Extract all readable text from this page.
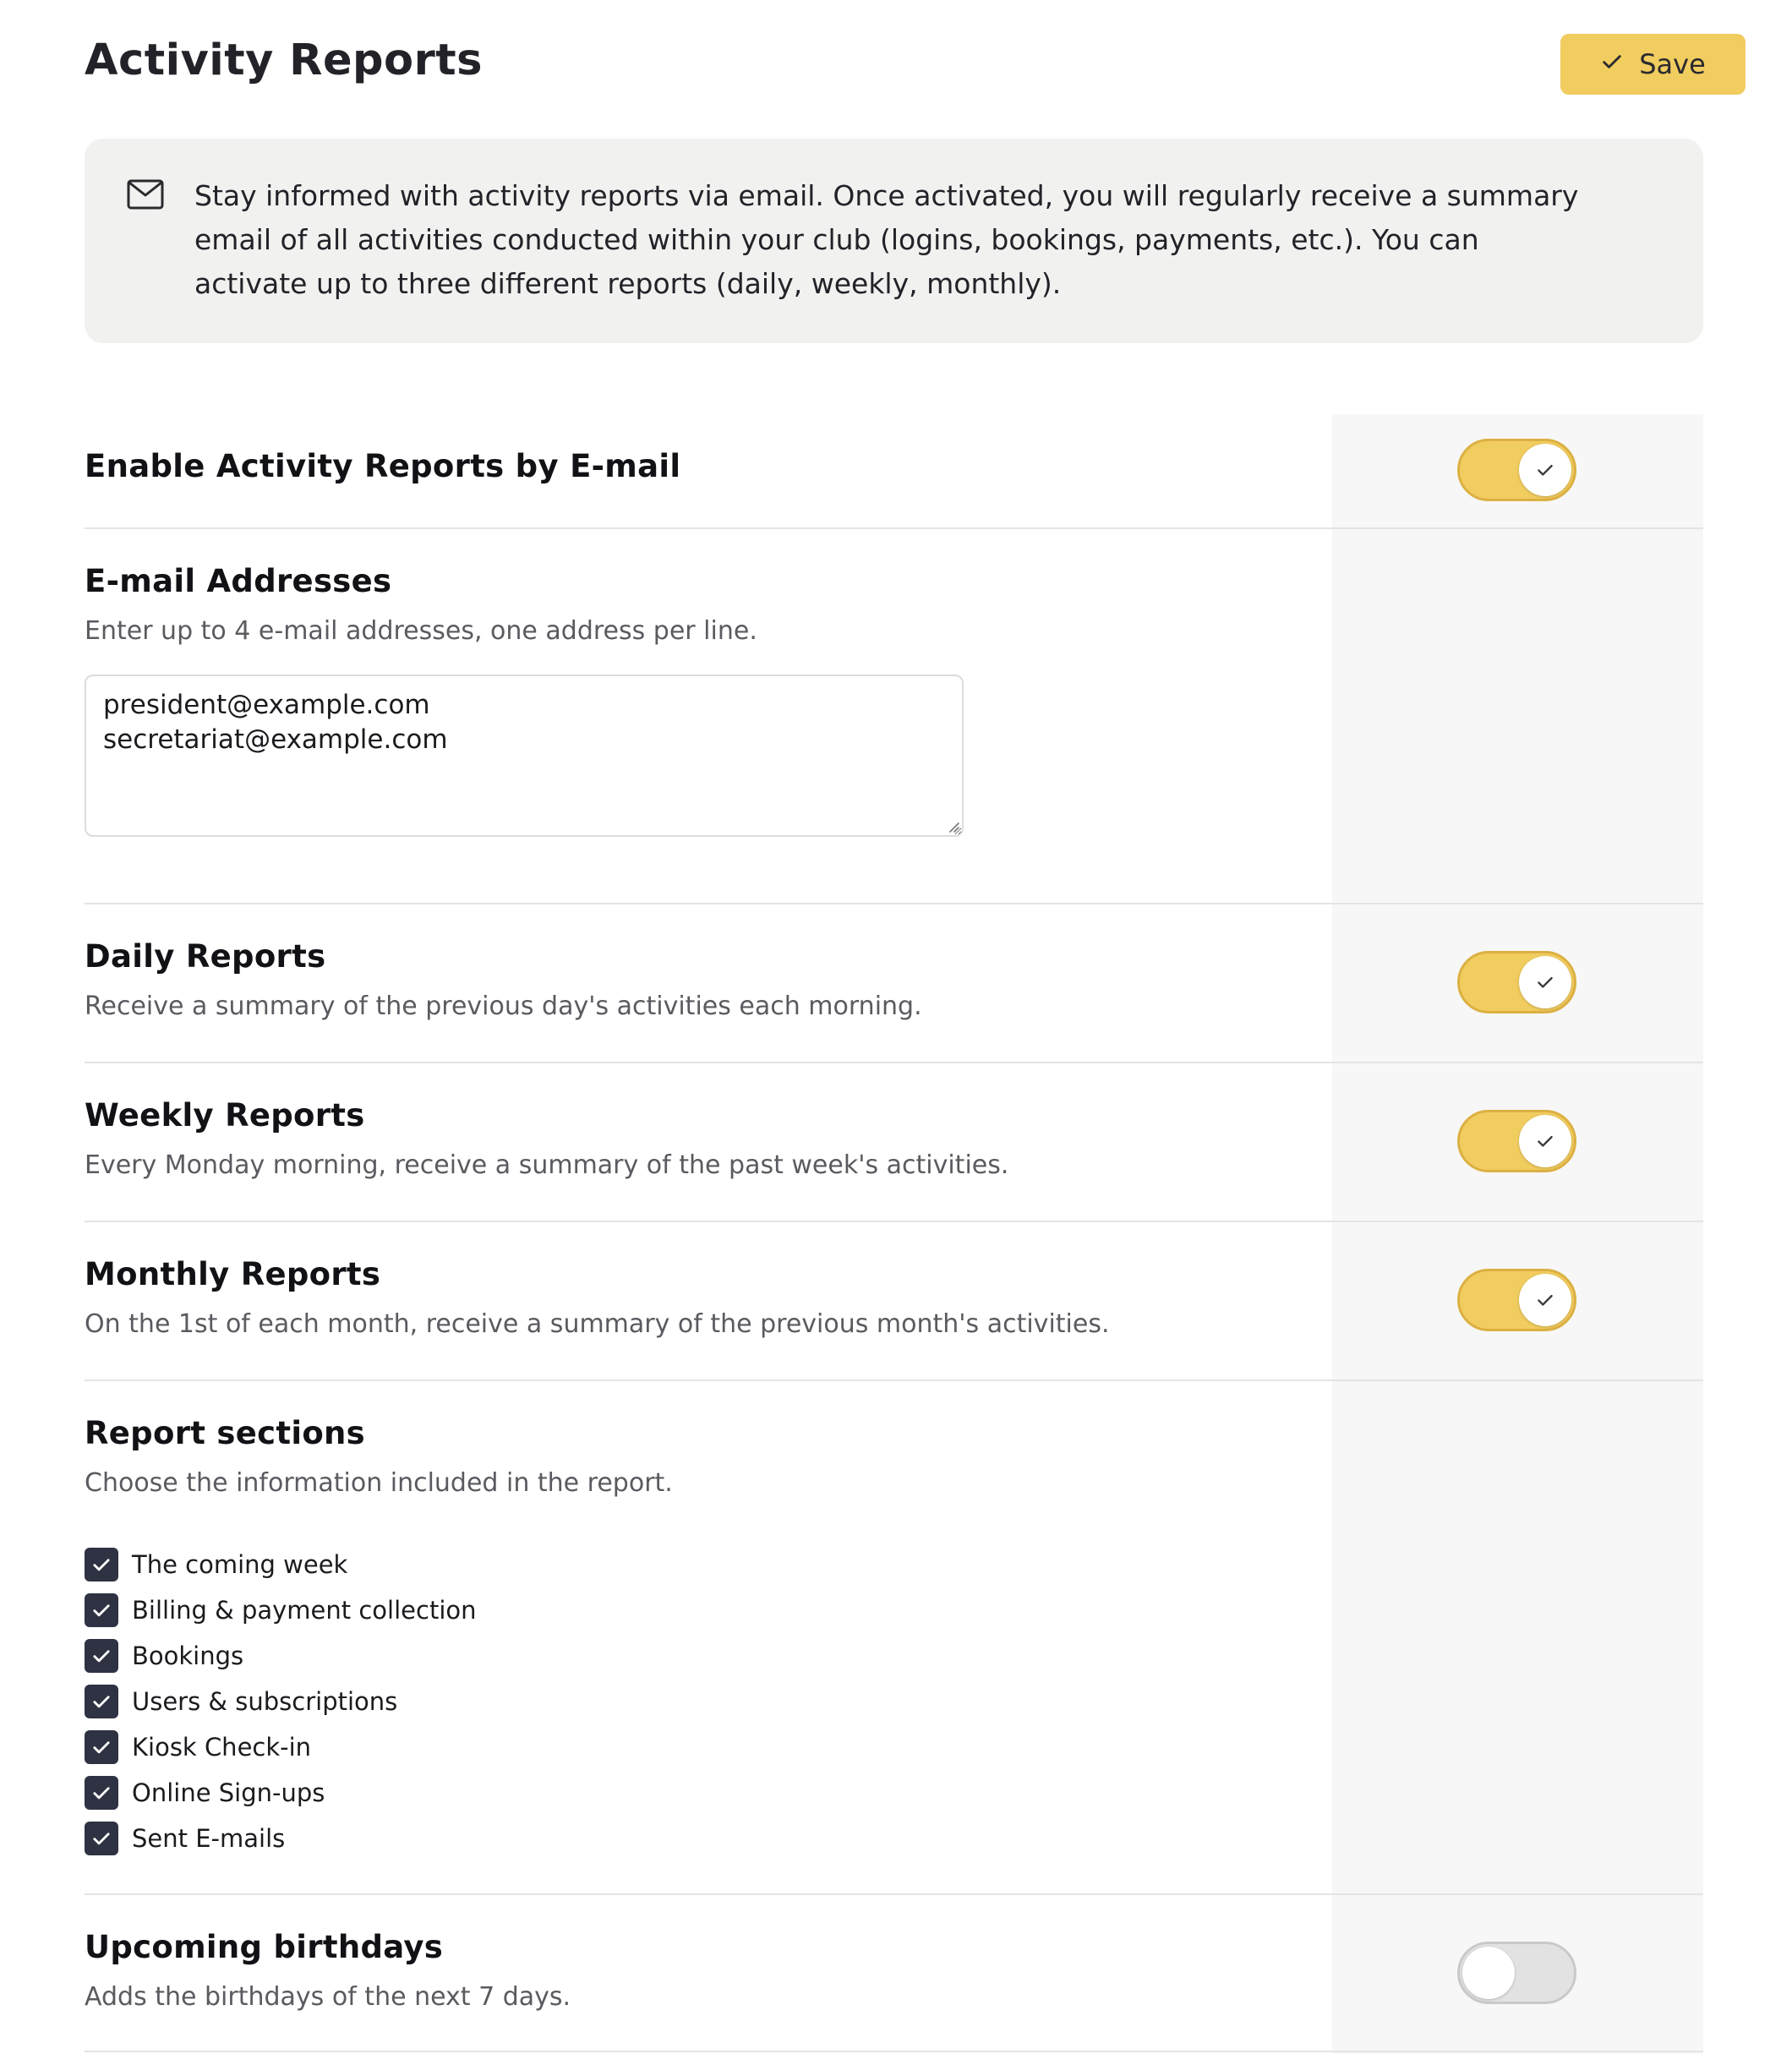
Activity Reports	Save

Stay informed with activity reports via email. Once activated, you will regularly receive a summary email of all activities conducted within your club (logins, bookings, payments, etc.). You can activate up to three different reports (daily, weekly, monthly).

Enable Activity Reports by E-mail
E-mail Addresses
Enter up to 4 e-mail addresses, one address per line.
president@example.com secretariat@example.com
Daily Reports
Receive a summary of the previous day's activities each morning.
Weekly Reports
Every Monday morning, receive a summary of the past week's activities.
Monthly Reports
On the 1st of each month, receive a summary of the previous month's activities.
Report sections
Choose the information included in the report.
The coming week
Billing & payment collection
Bookings
Users & subscriptions
Kiosk Check-in
Online Sign-ups
Sent E-mails
Upcoming birthdays
Adds the birthdays of the next 7 days.
